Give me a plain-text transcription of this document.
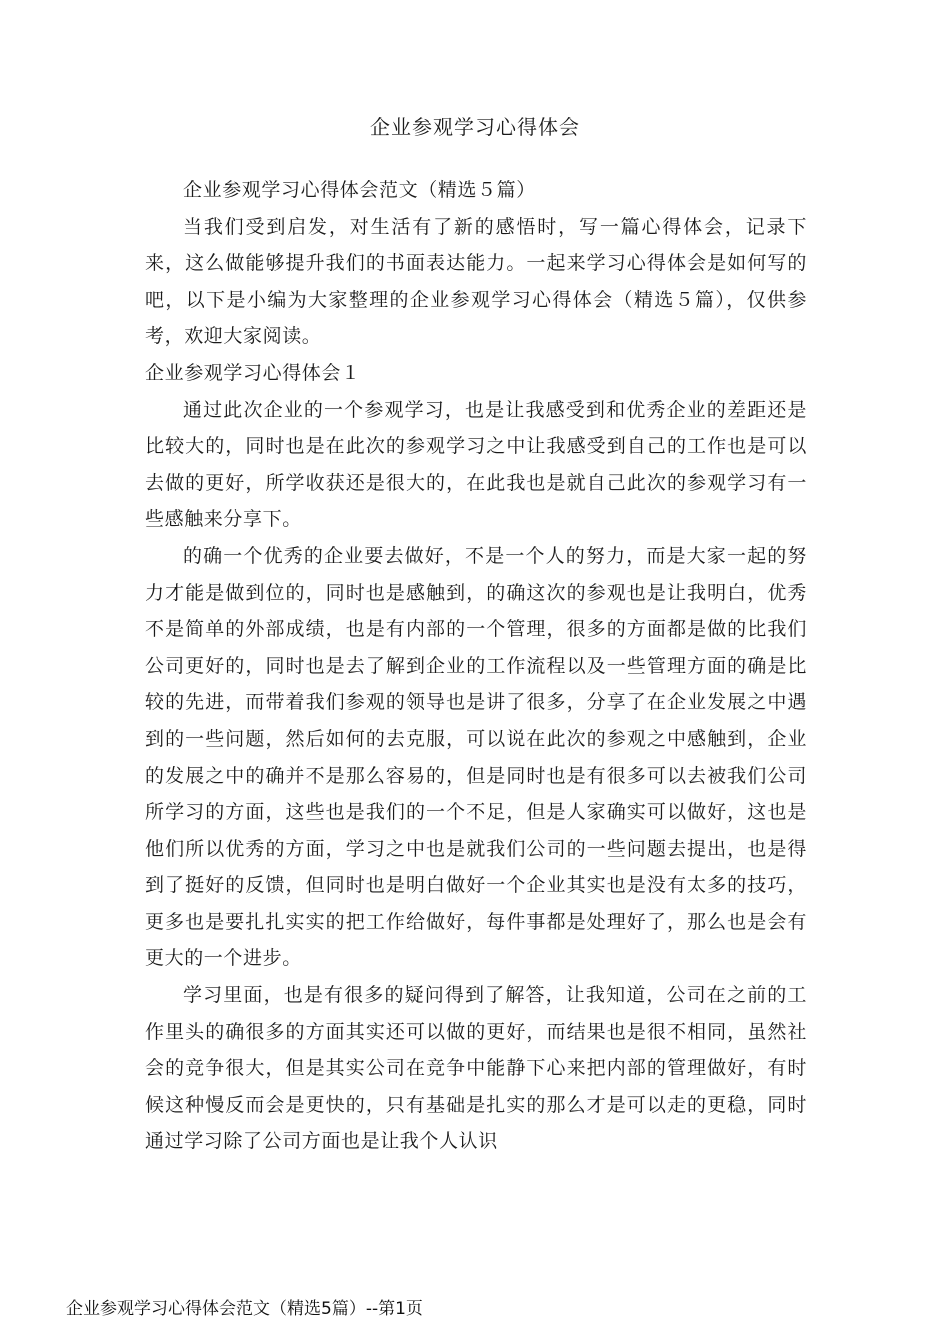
企业参观学习心得体会

企业参观学习心得体会范文（精选５篇）

当我们受到启发，对生活有了新的感悟时，写一篇心得体会，记录下来，这么做能够提升我们的书面表达能力。一起来学习心得体会是如何写的吧，以下是小编为大家整理的企业参观学习心得体会（精选５篇），仅供参考，欢迎大家阅读。

企业参观学习心得体会１

通过此次企业的一个参观学习，也是让我感受到和优秀企业的差距还是比较大的，同时也是在此次的参观学习之中让我感受到自己的工作也是可以去做的更好，所学收获还是很大的，在此我也是就自己此次的参观学习有一些感触来分享下。

的确一个优秀的企业要去做好，不是一个人的努力，而是大家一起的努力才能是做到位的，同时也是感触到，的确这次的参观也是让我明白，优秀不是简单的外部成绩，也是有内部的一个管理，很多的方面都是做的比我们公司更好的，同时也是去了解到企业的工作流程以及一些管理方面的确是比较的先进，而带着我们参观的领导也是讲了很多，分享了在企业发展之中遇到的一些问题，然后如何的去克服，可以说在此次的参观之中感触到，企业的发展之中的确并不是那么容易的，但是同时也是有很多可以去被我们公司所学习的方面，这些也是我们的一个不足，但是人家确实可以做好，这也是他们所以优秀的方面，学习之中也是就我们公司的一些问题去提出，也是得到了挺好的反馈，但同时也是明白做好一个企业其实也是没有太多的技巧，更多也是要扎扎实实的把工作给做好，每件事都是处理好了，那么也是会有更大的一个进步。

学习里面，也是有很多的疑问得到了解答，让我知道，公司在之前的工作里头的确很多的方面其实还可以做的更好，而结果也是很不相同，虽然社会的竞争很大，但是其实公司在竞争中能静下心来把内部的管理做好，有时候这种慢反而会是更快的，只有基础是扎实的那么才是可以走的更稳，同时通过学习除了公司方面也是让我个人认识

企业参观学习心得体会范文（精选5篇）--第1页
